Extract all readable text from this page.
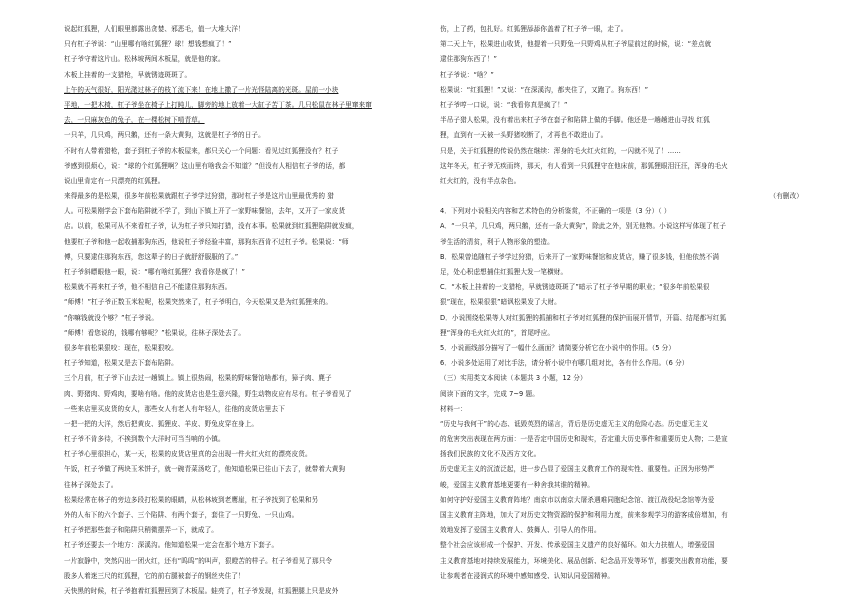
说起红狐狸，人们眼里都露出贪婪、邪恶毛，值一大堆大洋！
只有杠子爷说：“山里哪有啥红狐狸？球！想钱想疯了！”
杠子爷守着这片山。松林坡两间木板屋，就是他的家。
木板上挂着的一支猎枪，早就锈迹斑斑了。
上午的天气很好，阳光滗过林子的枝丫流下来！在地上撒了一片光怪陆离的光斑。屋前一小块
平地，一把木椅，杠子爷坐在椅子上打盹儿，脚旁的地上放着一大缸子苦丁茶。几只松鼠在林子里窜来窜
去，一只麻灰色的兔子，在一棵松树下啃青草。
一只羊，几只鸡，两只鹅，还有一条大黄狗，这就是杠子爷的日子。
不时有人带着猎枪，套子到杠子爷的木板屋来，都只关心一个问题：看见过红狐狸没有？杠子
爷感到很烦心，说：“球的个红狐狸啊？这山里有啥我会不知道？”但没有人相信杠子爷的话，都
说山里肯定有一只漂亮的红狐狸。
来得最多的是松果，很多年前松果就跟杠子爷学过狩猎，那时杠子爷是这片山里最优秀的 猎
人。可松果刚学会下套布陷阱就不学了，到山下镇上开了一家野味餐馆，去年，又开了一家皮货
店。以前，松果可从不来看杠子爷，认为杠子爷只知打猎，没有本事。松果就到红狐狸陷阱就发疯，
他要杠子爷和他一起收捕那狗东西，他说杠子爷经验丰富，那狗东西肯不过杠子爷。松果说：“师
傅，只要逮住那狗东西，您这辈子的日子就舒舒服服的了。”
杠子爷斜瞟眼他一眼，说：“哪有啥红狐狸？我看你是疯了！”
松果就不再来杠子爷，他不相信自己不能逮住那狗东西。
“师傅！”杠子爷正数玉米粒呢，松果突然来了，杠子爷明白，今天松果又是为红狐狸来的。
“你嘛钱就没个够？”杠子爷说。
“师傅！看您说的，钱哪有够呢？”松果说，往林子深处去了。
很多年前松果狠咬：现在，松果狠咬。
杠子爷知道，松果又是去下套布陷阱。
三个月前，杠子爷下山去过一趟镇上。镇上很热闹，松果的野味餐馆啥都有，獐子肉、麂子
肉、野猪肉、野鸡肉，要啥有啥。他的皮货店也是生意兴隆，野生动物皮应有尽有。杠子爷看见了
一些来店里买皮货的女人，那些女人有老人有年轻人，往他的皮货店里去下
一把一把的大洋，然后把黄皮、狐狸皮、羊皮、野兔皮穿在身上。
杠子爷不肯多待，不挨到数个大洋时可当当响的小镇。
杠子爷心里很担心，某一天，松果的皮货店里真的会出现一件火红火红的漂亮皮货。
午饭，杠子爷做了两块玉米饼子，就一碗青菜汤吃了，他知道松果已往山下去了，就带着大黄狗
往林子深处去了。
松果经常在林子的旁边多段打松果的眼睛，从松林坡到老鹰崖，杠子爷找到了松果和另
外的人布下的六个套子、三个陷阱、有两个套子，套住了一只野兔、一只山鸡。
杠子爷把那些套子和陷阱只稍微摆弄一下，就成了。
杠子爷还要去一个地方：深溪沟。他知道松果一定会在那个地方下套子。
一片寂静中，突然闪出一团火红，还有“呜呜”的叫声，狠瞪苦的样子。杠子爷看见了那只令
股多人着迷三尺的红狐狸，它的前右腿被套子的钢丝夹住了！
天快黑的时候，杠子爷抱着红狐狸回到了木板屋。蛙亮了，杠子爷发现，红狐狸腿上只是皮外
伤，上了药，包扎好。红狐狸舔舔你盖着了杠子爷一眼，走了。
第二天上午，松果进山收货，他提着一只野兔一只野鸡从杠子爷屋前过的时候，说：“差点就
逮住那狗东西了！”
杠子爷说：“啥？”
松果说：“红狐狸！”又说：“在深溪沟，都夹住了，又跑了。狗东西！”
杠子爷哼一口说，说：“我看你真是疯了！”
半吊子猎人松果，没有着出来杠子爷在套子和陷阱上做的手脚。他还是一趟趟进山寻找 红狐
狸，直到有一天被一头野猪咬断了，才再也不敢进山了。
只是，关于红狐狸的传说仍然在继续：浑身的毛火红火红的，一闪就不见了！……
这年冬天，杠子爷无疾而终，那天，有人看到一只狐狸守在他床前，那狐狸眼泪汪汪，浑身的毛火
红火红的，没有半点杂色。
（有删改）
4．下列对小说相关内容和艺术特色的分析鉴赏，不正确的一项是（3 分）（ ）
A．“一只羊，几只鸡，两只鹅，还有一条大黄狗”，除此之外，别无他物。小说这样写体现了杠子
爷生活的清贫，利于人物形象的塑造。
B．松果曾追随杠子爷学过狩猎，后来开了一家野味餐馆和皮货店，赚了很多钱，但他依然不满
足，处心积虑想捕住红狐狸大发一笔横财。
C．“木板上挂着的一支猎枪，早就锈迹斑斑了”暗示了杠子爷早期的职业；“很多年前松果很
狠”现在，松果很狠”暗讽松果发了大财。
D．小说围绕松果等人对红狐狸的抓捕和杠子爷对红狐狸的保护而展开情节，开篇、结尾都写红狐
狸“浑身的毛火红火红的”，首尾呼应。
5．小说画线部分描写了一幅什么画面？请简要分析它在小说中的作用。（5 分）
6．小说多处运用了对比手法，请分析小说中有哪几组对比，各有什么作用。（6 分）
（三）实用类文本阅读（本题共 3 小题，12 分）
阅读下面的文字，完成 7~9 题。
材料一：
“历史与我何干”的心态、诋毁英烈的谣言，背后是历史虚无主义的危险心态。历史虚无主义
的危害突出表现在两方面：一是否定中国历史和现实，否定重大历史事件和重要历史人物；二是宣
扬我们民族的文化不及西方文化。
历史虚无主义的沉渣泛起，进一步凸显了爱国主义教育工作的现实性、重要性。正因为形势严
峻，爱国主义教育基地更要有一种舍我其谁的精神。
如何守护好爱国主义教育阵地？南京市以南京大屠杀遇难同胞纪念馆、渡江战役纪念馆等为爱
国主义教育主阵地，加大了对历史文物资源的保护和利用力度，前来参观学习的游客成倍增加，有
效地发挥了爱国主义教育人、鼓舞人、引导人的作用。
整个社会应该形成一个保护、开发、传承爱国主义遗产的良好循环。如大力扶植人，增强爱国
主义教育基地对持续发展能力，环境美化、展品创新、纪念品开发等环节，都要突出教育功能，要
让参观者在浸润式的环境中感知感受、认知认同爱国精神。
